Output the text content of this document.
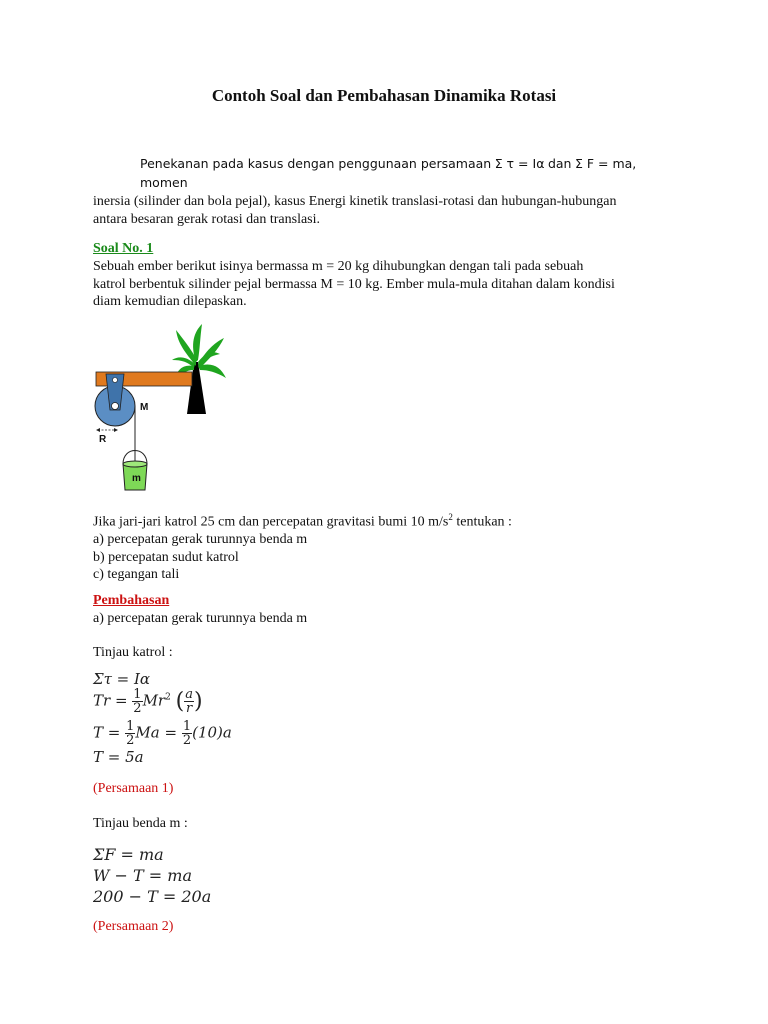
Contoh Soal dan Pembahasan Dinamika Rotasi
Penekanan pada kasus dengan penggunaan persamaan Σ τ = Iα dan Σ F = ma, momen
inersia (silinder dan bola pejal), kasus Energi kinetik translasi-rotasi dan hubungan-hubungan
antara besaran gerak rotasi dan translasi.
Soal No. 1
Sebuah ember berikut isinya bermassa m = 20 kg dihubungkan dengan tali pada sebuah
katrol berbentuk silinder pejal bermassa M = 10 kg. Ember mula-mula ditahan dalam kondisi
diam kemudian dilepaskan.
M
R
m
Jika jari-jari katrol 25 cm dan percepatan gravitasi bumi 10 $m/s^2$ tentukan :
a) percepatan gerak turunnya benda m
b) percepatan sudut katrol
c) tegangan tali
Pembahasan
a) percepatan gerak turunnya benda m
Tinjau katrol :
Στ = Iα
$Tr = \frac{1}{2} Mr^2$ ( $\frac{a}{r}$ )
$T = \frac{1}{2}$ $Ma = \frac{1}{2} (10)a$
T = 5a
(Persamaan 1)
Tinjau benda m :
ΣF = ma
W − T = ma
200 − T = 20a
(Persamaan 2)
